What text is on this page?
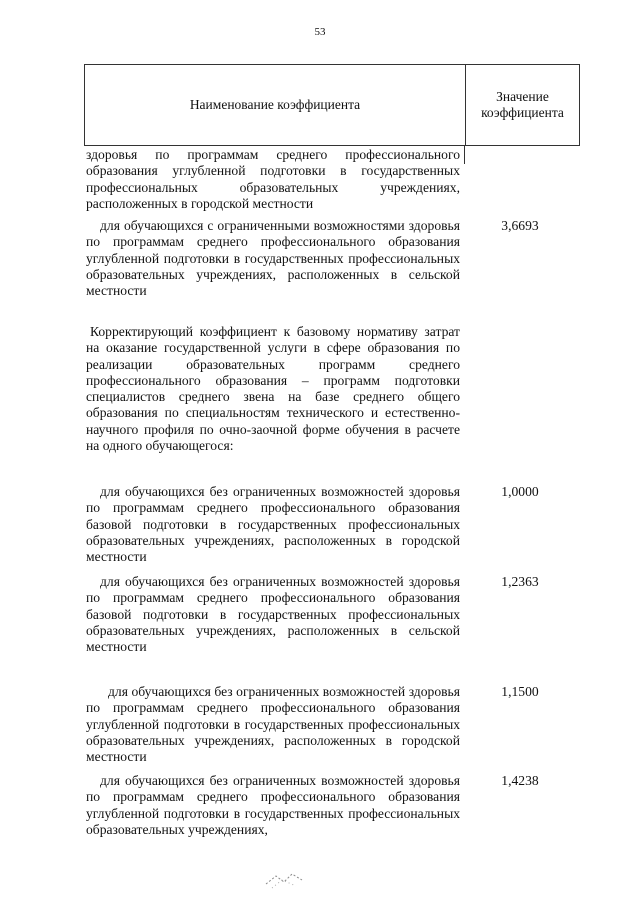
53
Наименование коэффициента
Значение
коэффициента
здоровья по программам среднего профессионального образования углубленной подготовки в государственных профессиональных образовательных учреждениях, расположенных в городской местности
для обучающихся с ограниченными возможностями здоровья по программам среднего профессионального образования углубленной подготовки в государственных профессиональных образовательных учреждениях, расположенных в сельской местности
3,6693
Корректирующий коэффициент к базовому нормативу затрат на оказание государственной услуги в сфере образования по реализации образовательных программ среднего профессионального образования – программ подготовки специалистов среднего звена на базе среднего общего образования по специальностям технического и естественно-научного профиля по очно-заочной форме обучения в расчете на одного обучающегося:
для обучающихся без ограниченных возможностей здоровья по программам среднего профессионального образования базовой подготовки в государственных профессиональных образовательных учреждениях, расположенных в городской местности
1,0000
для обучающихся без ограниченных возможностей здоровья по программам среднего профессионального образования базовой подготовки в государственных профессиональных образовательных учреждениях, расположенных в сельской местности
1,2363
для обучающихся без ограниченных возможностей здоровья по программам среднего профессионального образования углубленной подготовки в государственных профессиональных образовательных учреждениях, расположенных в городской местности
1,1500
для обучающихся без ограниченных возможностей здоровья по программам среднего профессионального образования углубленной подготовки в государственных профессиональных образовательных учреждениях,
1,4238
